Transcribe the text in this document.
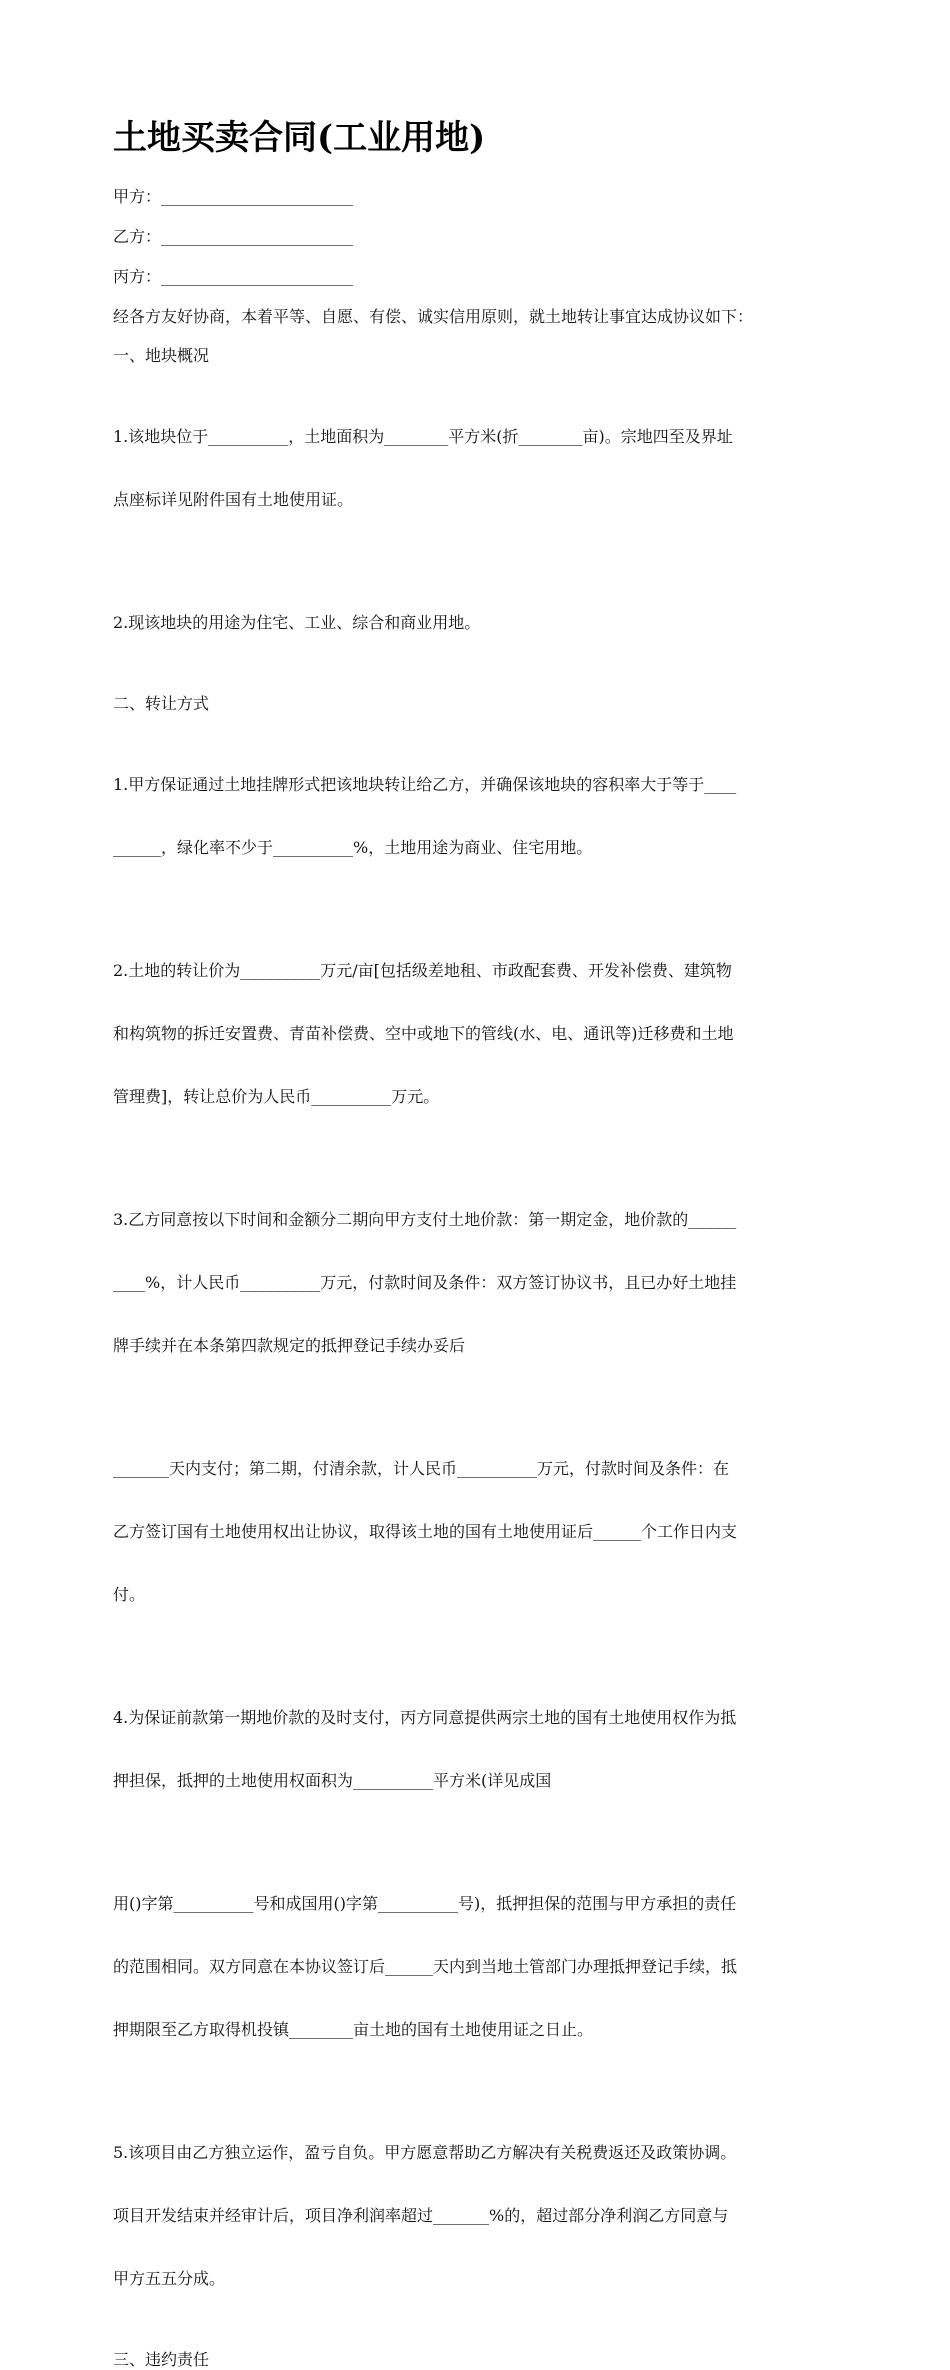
土地买卖合同(工业用地)

甲方：________________________

乙方：________________________

丙方：________________________

经各方友好协商，本着平等、自愿、有偿、诚实信用原则，就土地转让事宜达成协议如下：

一、地块概况

1.该地块位于__________，土地面积为________平方米(折________亩)。宗地四至及界址

点座标详见附件国有土地使用证。

2.现该地块的用途为住宅、工业、综合和商业用地。

二、转让方式

1.甲方保证通过土地挂牌形式把该地块转让给乙方，并确保该地块的容积率大于等于____

______，绿化率不少于__________%，土地用途为商业、住宅用地。

2.土地的转让价为__________万元/亩[包括级差地租、市政配套费、开发补偿费、建筑物

和构筑物的拆迁安置费、青苗补偿费、空中或地下的管线(水、电、通讯等)迁移费和土地

管理费]，转让总价为人民币__________万元。

3.乙方同意按以下时间和金额分二期向甲方支付土地价款：第一期定金，地价款的______

____%，计人民币__________万元，付款时间及条件：双方签订协议书，且已办好土地挂

牌手续并在本条第四款规定的抵押登记手续办妥后

_______天内支付；第二期，付清余款，计人民币__________万元，付款时间及条件：在

乙方签订国有土地使用权出让协议，取得该土地的国有土地使用证后______个工作日内支

付。

4.为保证前款第一期地价款的及时支付，丙方同意提供两宗土地的国有土地使用权作为抵

押担保，抵押的土地使用权面积为__________平方米(详见成国

用()字第__________号和成国用()字第__________号)，抵押担保的范围与甲方承担的责任

的范围相同。双方同意在本协议签订后______天内到当地土管部门办理抵押登记手续，抵

押期限至乙方取得机投镇________亩土地的国有土地使用证之日止。

5.该项目由乙方独立运作，盈亏自负。甲方愿意帮助乙方解决有关税费返还及政策协调。

项目开发结束并经审计后，项目净利润率超过_______%的，超过部分净利润乙方同意与

甲方五五分成。

三、违约责任
